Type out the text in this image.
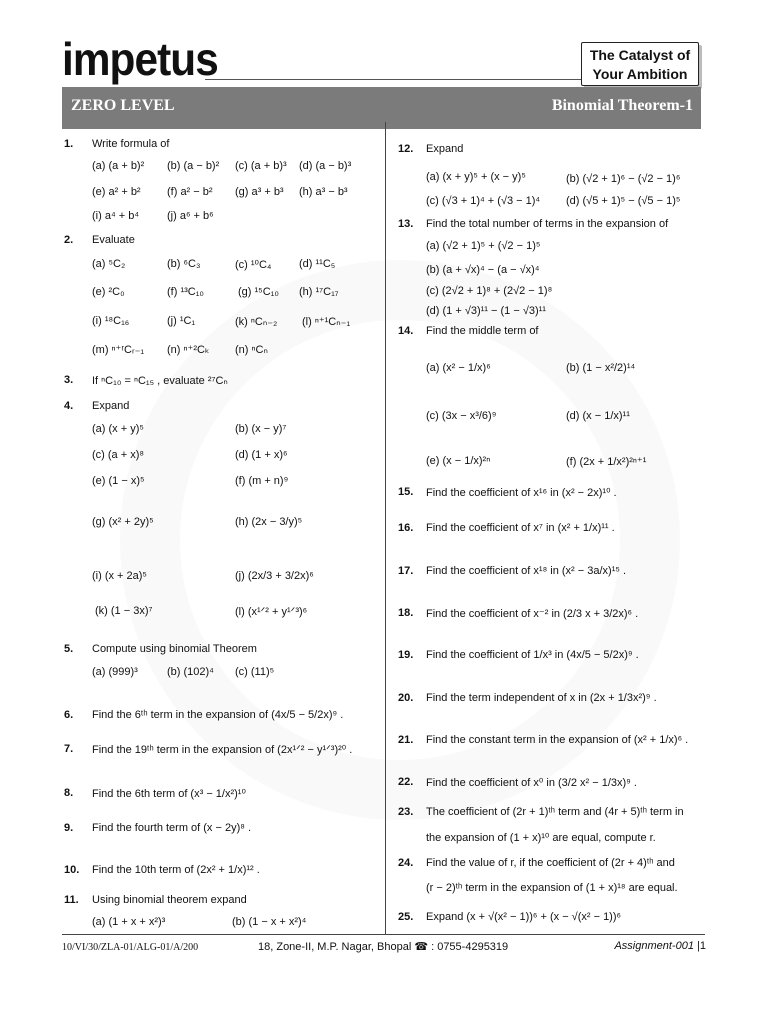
impetus	The Catalyst of
Your Ambition
ZERO LEVEL	Binomial Theorem-1
1. Write formula of
2. Evaluate
3. If ⁿC₁₀ = ⁿC₁₅ , evaluate ²⁷Cₙ
4. Expand
5. Compute using binomial Theorem
6. Find the 6ᵗʰ term in the expansion of (4x/5 − 5/2x)⁹ .
7. Find the 19ᵗʰ term in the expansion of (2x¹ᐟ² − y¹ᐟ³)²⁰ .
8. Find the 6th term of (x³ − 1/x²)¹⁰
9. Find the fourth term of (x − 2y)⁸ .
10. Find the 10th term of (2x² + 1/x)¹² .
11. Using binomial theorem expand
(a) (a + b)² (b) (a − b)² (c) (a + b)³ (d) (a − b)³
(e) a² + b² (f) a² − b² (g) a³ + b³ (h) a³ − b³
(i) a⁴ + b⁴	(j) a⁶ + b⁶
(a) ⁵C₂	(b) ⁶C₃	(c) ¹⁰C₄	(d) ¹¹C₅
(e) ²C₀	(f) ¹³C₁₀	(g) ¹⁵C₁₀ (h) ¹⁷C₁₇
(i) ¹⁸C₁₆	(j) ¹C₁	(k) ⁿCₙ₋₂ (l) ⁿ⁺¹Cₙ₋₁
(m) ⁿ⁺ʳCᵣ₋₁ (n) ⁿ⁺²Cₖ (n) ⁿCₙ
(a) (x + y)⁵	(b) (x − y)⁷
(c) (a + x)⁸	(d) (1 + x)⁶
(e) (1 − x)⁵	(f) (m + n)⁹
(g) (x² + 2y)⁵	(h) (2x − 3/y)⁵
(i) (x + 2a)⁵	(j) (2x/3 + 3/2x)⁶
(k) (1 − 3x)⁷	(l) (x¹ᐟ² + y¹ᐟ³)⁶
(a) (999)³	(b) (102)⁴ (c) (11)⁵
(a) (1 + x + x²)³	(b) (1 − x + x²)⁴
12. Expand
13. Find the total number of terms in the expansion of
14. Find the middle term of
15. Find the coefficient of x¹⁶ in (x² − 2x)¹⁰ .
16. Find the coefficient of x⁷ in (x² + 1/x)¹¹ .
17. Find the coefficient of x¹⁸ in (x² − 3a/x)¹⁵ .
18. Find the coefficient of x⁻² in (2/3 x + 3/2x)⁶ .
19. Find the coefficient of 1/x³ in (4x/5 − 5/2x)⁹ .
20. Find the term independent of x in (2x + 1/3x²)⁹ .
21. Find the constant term in the expansion of (x² + 1/x)⁶ .
22. Find the coefficient of x⁰ in (3/2 x² − 1/3x)⁹ .
23. The coefficient of (2r + 1)ᵗʰ term and (4r + 5)ᵗʰ term in
the expansion of (1 + x)¹⁰ are equal, compute r.
24. Find the value of r, if the coefficient of (2r + 4)ᵗʰ and
(r − 2)ᵗʰ term in the expansion of (1 + x)¹⁸ are equal.
25. Expand (x + √(x² − 1))⁶ + (x − √(x² − 1))⁶
(a) (x + y)⁵ + (x − y)⁵	(b) (√2 + 1)⁶ − (√2 − 1)⁶
(c) (√3 + 1)⁴ + (√3 − 1)⁴ (d) (√5 + 1)⁵ − (√5 − 1)⁵
(a) (√2 + 1)⁵ + (√2 − 1)⁵
(b) (a + √x)⁴ − (a − √x)⁴
(c) (2√2 + 1)⁸ + (2√2 − 1)⁸
(d) (1 + √3)¹¹ − (1 − √3)¹¹
(a) (x² − 1/x)⁶	(b) (1 − x²/2)¹⁴
(c) (3x − x³/6)⁹	(d) (x − 1/x)¹¹
(e) (x − 1/x)²ⁿ	(f) (2x + 1/x²)²ⁿ⁺¹
10/VI/30/ZLA-01/ALG-01/A/200	18, Zone-II, M.P. Nagar, Bhopal ☎ : 0755-4295319	Assignment-001 |1
